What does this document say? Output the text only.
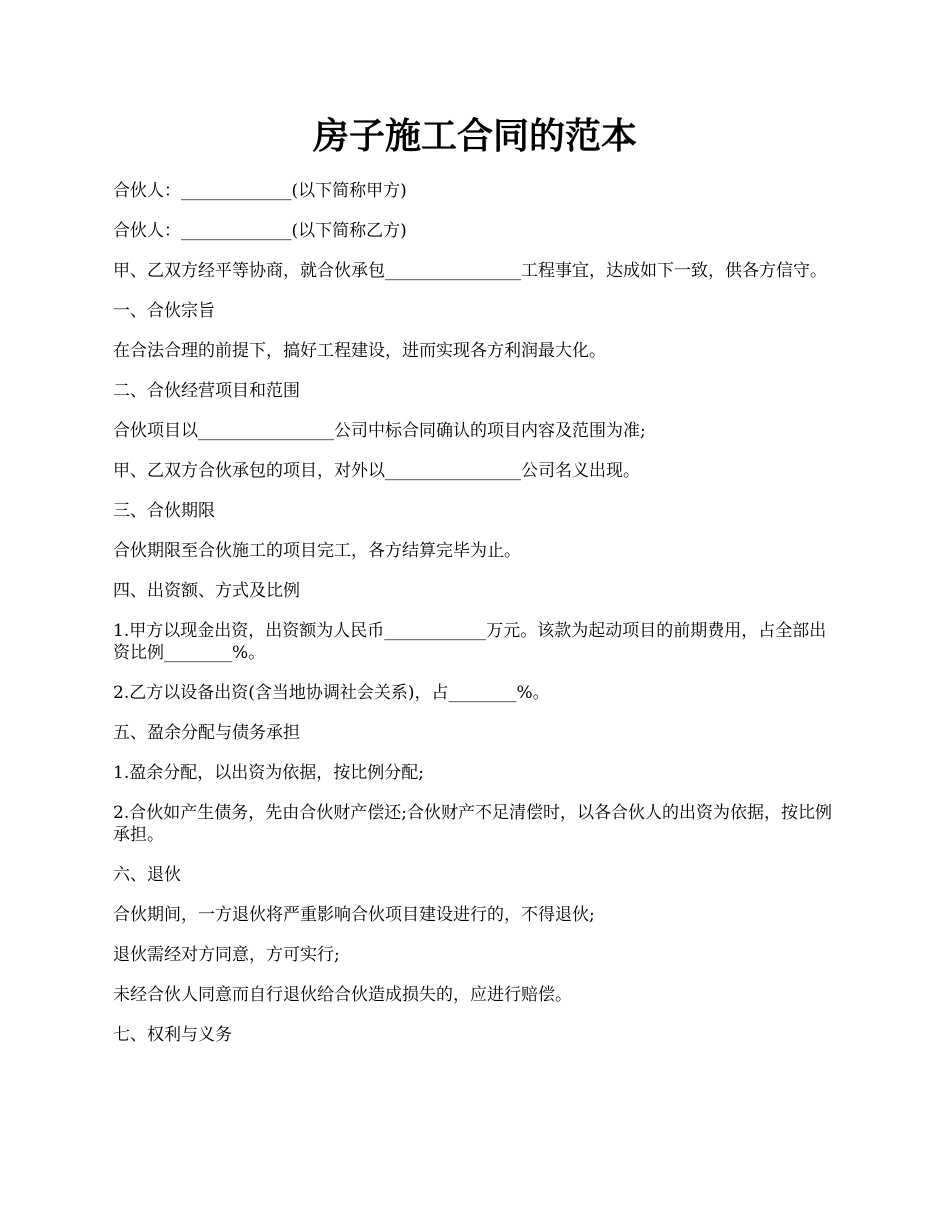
房子施工合同的范本

合伙人：_____________(以下简称甲方)

合伙人：_____________(以下简称乙方)

甲、乙双方经平等协商，就合伙承包________________工程事宜，达成如下一致，供各方信守。

一、合伙宗旨

在合法合理的前提下，搞好工程建设，进而实现各方利润最大化。

二、合伙经营项目和范围

合伙项目以________________公司中标合同确认的项目内容及范围为准;

甲、乙双方合伙承包的项目，对外以________________公司名义出现。

三、合伙期限

合伙期限至合伙施工的项目完工，各方结算完毕为止。

四、出资额、方式及比例

1.甲方以现金出资，出资额为人民币____________万元。该款为起动项目的前期费用，占全部出资比例________%。

2.乙方以设备出资(含当地协调社会关系)，占________%。

五、盈余分配与债务承担

1.盈余分配，以出资为依据，按比例分配;

2.合伙如产生债务，先由合伙财产偿还;合伙财产不足清偿时，以各合伙人的出资为依据，按比例承担。

六、退伙

合伙期间，一方退伙将严重影响合伙项目建设进行的，不得退伙;

退伙需经对方同意，方可实行;

未经合伙人同意而自行退伙给合伙造成损失的，应进行赔偿。

七、权利与义务
